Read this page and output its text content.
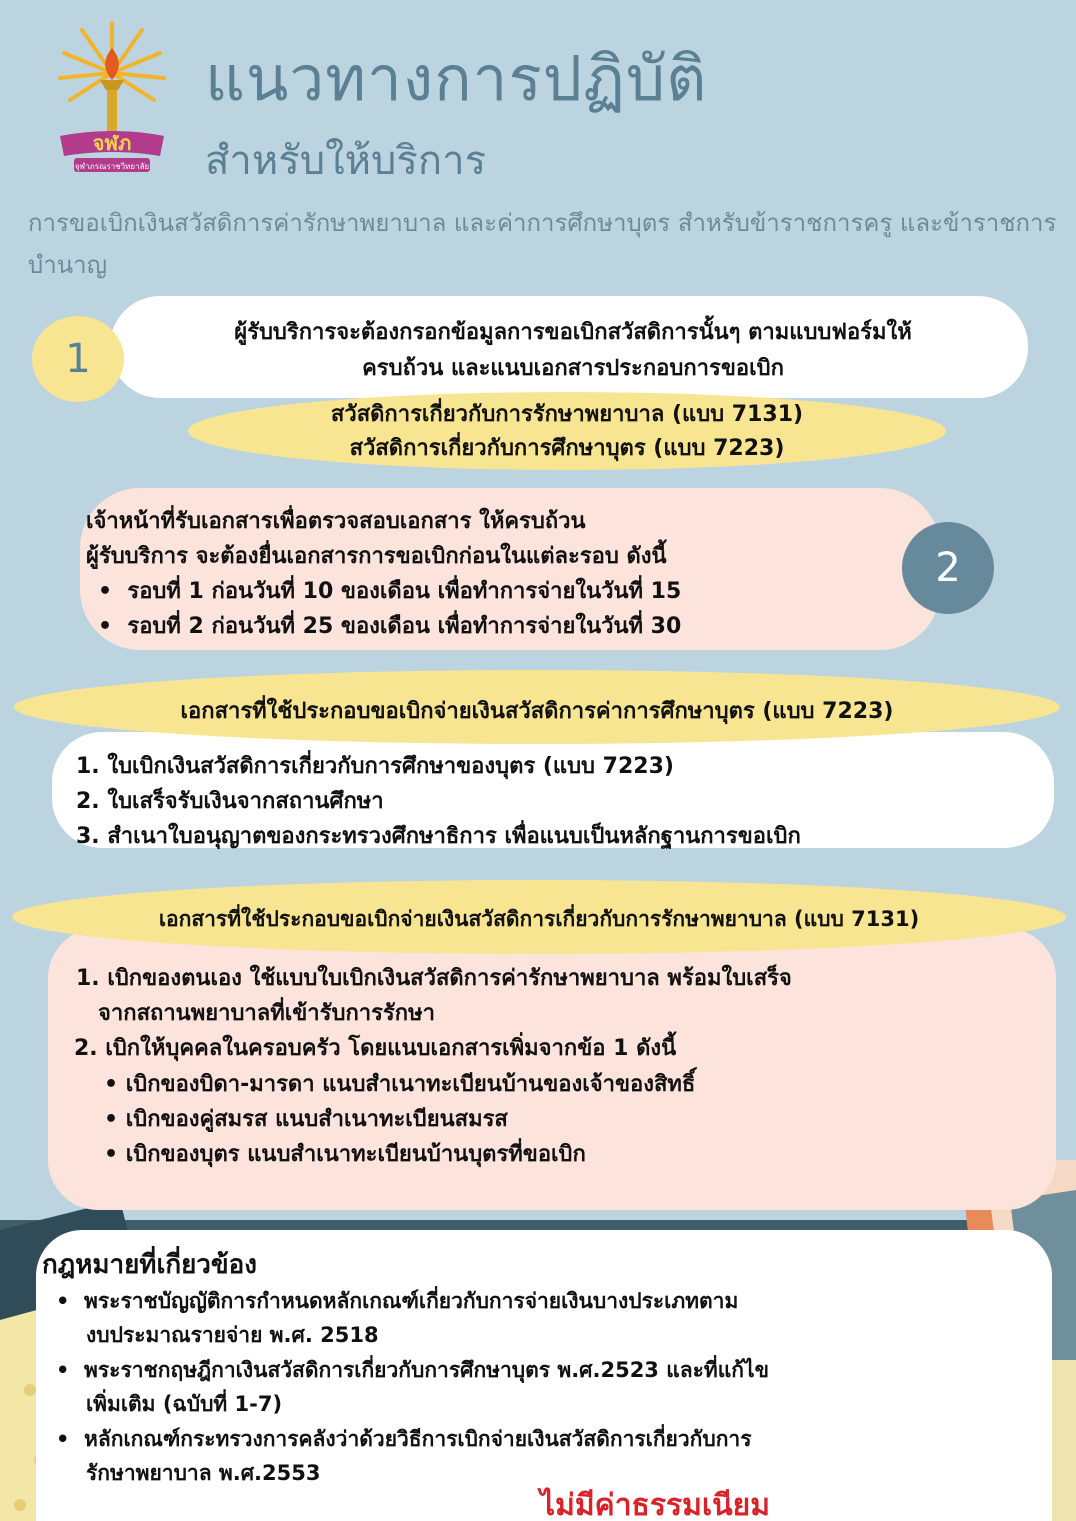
จฬภ
จุฬาภรณราชวิทยาลัย
แนวทางการปฏิบัติ
สำหรับให้บริการ
การขอเบิกเงินสวัสดิการค่ารักษาพยาบาล และค่าการศึกษาบุตร สำหรับข้าราชการครู และข้าราชการบำนาญ
1
ผู้รับบริการจะต้องกรอกข้อมูลการขอเบิกสวัสดิการนั้นๆ ตามแบบฟอร์มให้
ครบถ้วน และแนบเอกสารประกอบการขอเบิก
สวัสดิการเกี่ยวกับการรักษาพยาบาล (แบบ 7131)
สวัสดิการเกี่ยวกับการศึกษาบุตร (แบบ 7223)
2
เจ้าหน้าที่รับเอกสารเพื่อตรวจสอบเอกสาร ให้ครบถ้วน
ผู้รับบริการ จะต้องยื่นเอกสารการขอเบิกก่อนในแต่ละรอบ ดังนี้
•  รอบที่ 1 ก่อนวันที่ 10 ของเดือน เพื่อทำการจ่ายในวันที่ 15
•  รอบที่ 2 ก่อนวันที่ 25 ของเดือน เพื่อทำการจ่ายในวันที่ 30
เอกสารที่ใช้ประกอบขอเบิกจ่ายเงินสวัสดิการค่าการศึกษาบุตร (แบบ 7223)
1. ใบเบิกเงินสวัสดิการเกี่ยวกับการศึกษาของบุตร (แบบ 7223)
2. ใบเสร็จรับเงินจากสถานศึกษา
3. สำเนาใบอนุญาตของกระทรวงศึกษาธิการ เพื่อแนบเป็นหลักฐานการขอเบิก
เอกสารที่ใช้ประกอบขอเบิกจ่ายเงินสวัสดิการเกี่ยวกับการรักษาพยาบาล (แบบ 7131)
1. เบิกของตนเอง ใช้แบบใบเบิกเงินสวัสดิการค่ารักษาพยาบาล พร้อมใบเสร็จ
จากสถานพยาบาลที่เข้ารับการรักษา
2. เบิกให้บุคคลในครอบครัว โดยแนบเอกสารเพิ่มจากข้อ 1 ดังนี้
• เบิกของบิดา-มารดา แนบสำเนาทะเบียนบ้านของเจ้าของสิทธิ์
• เบิกของคู่สมรส แนบสำเนาทะเบียนสมรส
• เบิกของบุตร แนบสำเนาทะเบียนบ้านบุตรที่ขอเบิก
กฎหมายที่เกี่ยวข้อง
•  พระราชบัญญัติการกำหนดหลักเกณฑ์เกี่ยวกับการจ่ายเงินบางประเภทตาม
งบประมาณรายจ่าย พ.ศ. 2518
•  พระราชกฤษฎีกาเงินสวัสดิการเกี่ยวกับการศึกษาบุตร พ.ศ.2523 และที่แก้ไข
เพิ่มเติม (ฉบับที่ 1-7)
•  หลักเกณฑ์กระทรวงการคลังว่าด้วยวิธีการเบิกจ่ายเงินสวัสดิการเกี่ยวกับการ
รักษาพยาบาล พ.ศ.2553
ไม่มีค่าธรรมเนียม
